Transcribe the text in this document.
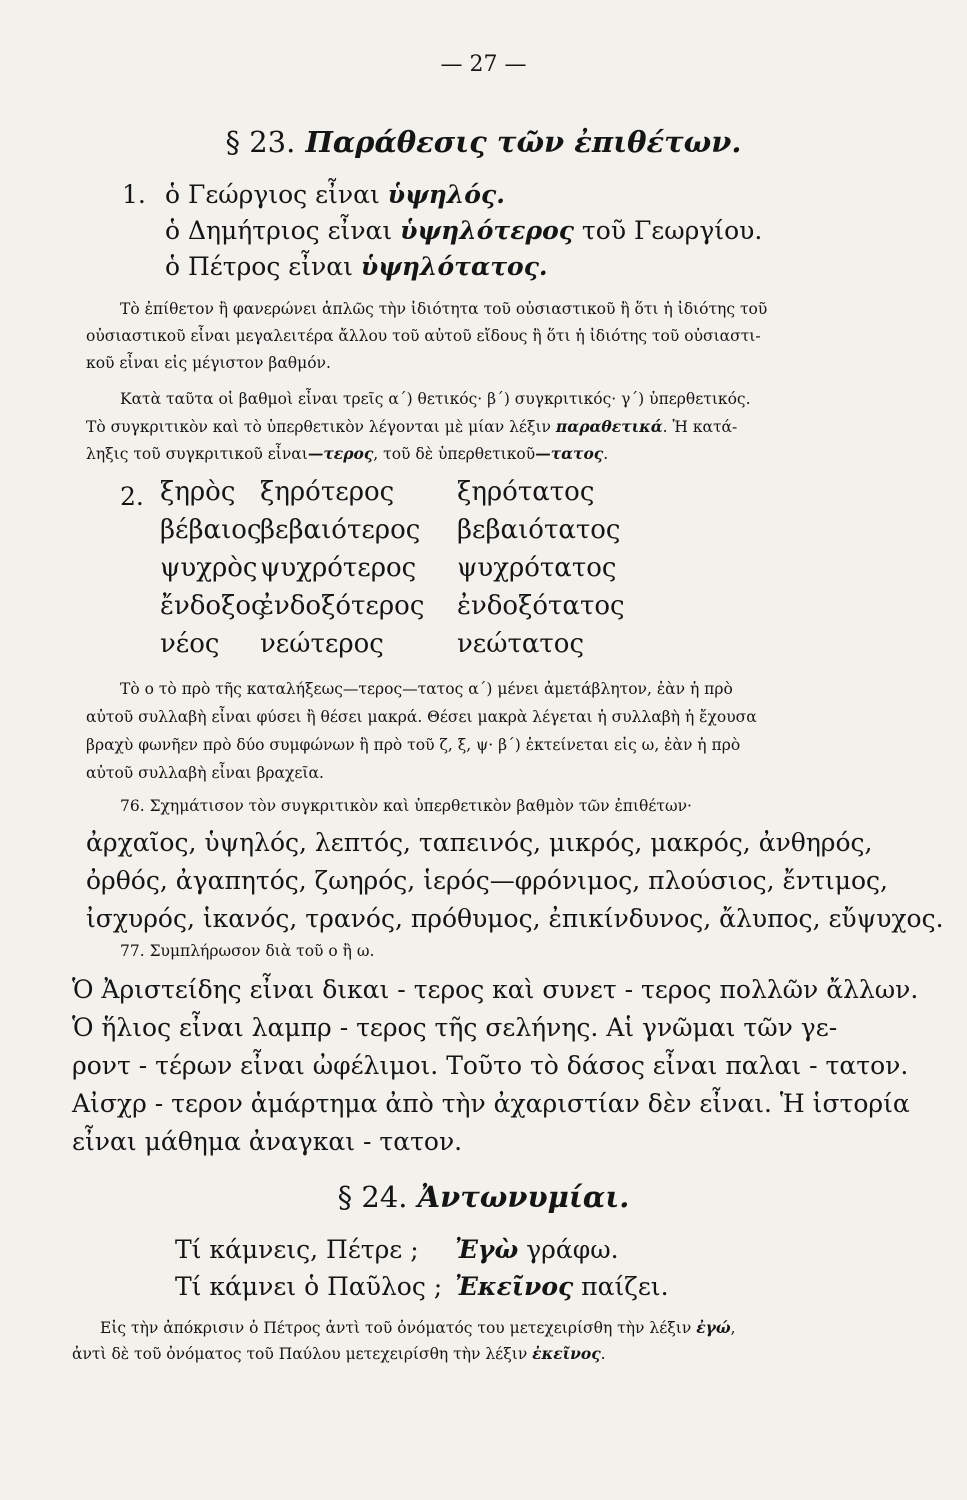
— 27 —
§ 23. Παράθεσις τῶν ἐπιθέτων.
1. ὁ Γεώργιος εἶναι ὑψηλός.
ὁ Δημήτριος εἶναι ὑψηλότερος τοῦ Γεωργίου.
ὁ Πέτρος εἶναι ὑψηλότατος.
Τὸ ἐπίθετον ἢ φανερώνει ἁπλῶς τὴν ἰδιότητα τοῦ οὐσιαστικοῦ ἢ ὅτι ἡ ἰδιότης τοῦ
οὐσιαστικοῦ εἶναι μεγαλειτέρα ἄλλου τοῦ αὐτοῦ εἴδους ἢ ὅτι ἡ ἰδιότης τοῦ οὐσιαστι-
κοῦ εἶναι εἰς μέγιστον βαθμόν.
Κατὰ ταῦτα οἱ βαθμοὶ εἶναι τρεῖς α΄) θετικός· β΄) συγκριτικός· γ΄) ὑπερθετικός.
Τὸ συγκριτικὸν καὶ τὸ ὑπερθετικὸν λέγονται μὲ μίαν λέξιν παραθετικά. Ἡ κατά-
ληξις τοῦ συγκριτικοῦ εἶναι—τερος, τοῦ δὲ ὑπερθετικοῦ—τατος.
2. ξηρὸς ξηρότερος ξηρότατος
βέβαιος
βεβαιότερος βεβαιότατος
ψυχρὸς ψυχρότερος ψυχρότατος
ἔνδοξος
ἐνδοξότερος ἐνδοξότατος
νέος νεώτερος	νεώτατος
Τὸ ο τὸ πρὸ τῆς καταλήξεως—τερος—τατος α΄) μένει ἀμετάβλητον, ἐὰν ἡ πρὸ
αὐτοῦ συλλαβὴ εἶναι φύσει ἢ θέσει μακρά. Θέσει μακρὰ λέγεται ἡ συλλαβὴ ἡ ἔχουσα
βραχὺ φωνῆεν πρὸ δύο συμφώνων ἢ πρὸ τοῦ ζ, ξ, ψ· β΄) ἐκτείνεται εἰς ω, ἐὰν ἡ πρὸ
αὐτοῦ συλλαβὴ εἶναι βραχεῖα.
76. Σχημάτισον τὸν συγκριτικὸν καὶ ὑπερθετικὸν βαθμὸν τῶν ἐπιθέτων·
ἀρχαῖος, ὑψηλός, λεπτός, ταπεινός, μικρός, μακρός, ἀνθηρός,
ὀρθός, ἀγαπητός, ζωηρός, ἱερός—φρόνιμος, πλούσιος, ἔντιμος,
ἰσχυρός, ἱκανός, τρανός, πρόθυμος, ἐπικίνδυνος, ἄλυπος, εὔψυχος.
77. Συμπλήρωσον διὰ τοῦ ο ἢ ω.
Ὁ Ἀριστείδης εἶναι δικαι - τερος καὶ συνετ - τερος πολλῶν ἄλλων.
Ὁ ἥλιος εἶναι λαμπρ - τερος τῆς σελήνης. Αἱ γνῶμαι τῶν γε-
ροντ - τέρων εἶναι ὠφέλιμοι. Τοῦτο τὸ δάσος εἶναι παλαι - τατον.
Αἰσχρ - τερον ἁμάρτημα ἀπὸ τὴν ἀχαριστίαν δὲν εἶναι. Ἡ ἱστορία
εἶναι μάθημα ἀναγκαι - τατον.
§ 24. Ἀντωνυμίαι.
Τί κάμνεις, Πέτρε ; Ἐγὼ γράφω.
Τί κάμνει ὁ Παῦλος ; Ἐκεῖνος παίζει.
Εἰς τὴν ἀπόκρισιν ὁ Πέτρος ἀντὶ τοῦ ὀνόματός του μετεχειρίσθη τὴν λέξιν ἐγώ,
ἀντὶ δὲ τοῦ ὀνόματος τοῦ Παύλου μετεχειρίσθη τὴν λέξιν ἐκεῖνος.
